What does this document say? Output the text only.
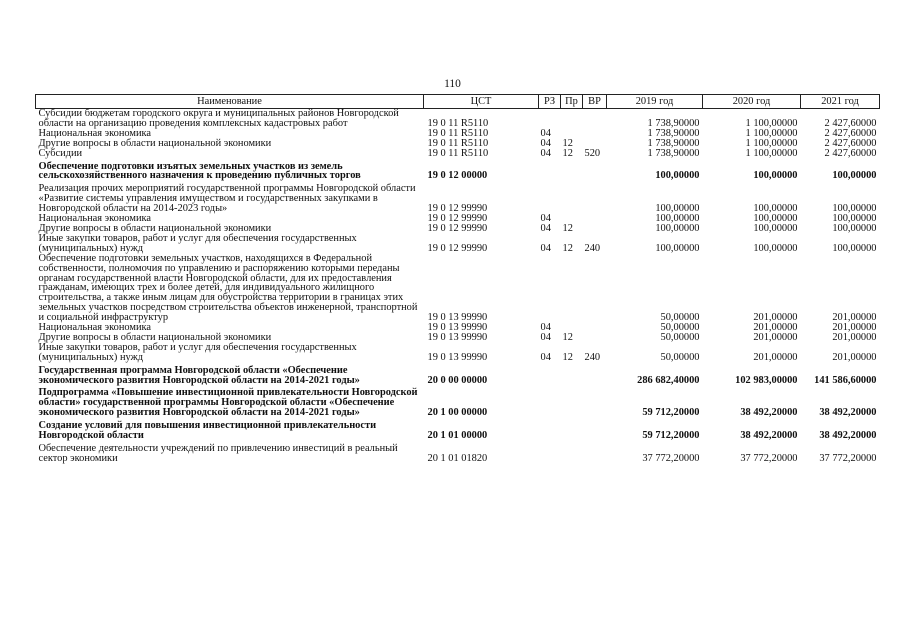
110
Наименование	ЦСТ	РЗ	Пр	ВР	2019 год	2020 год	2021 год
Субсидии бюджетам городского округа и муниципальных районов Новгородской области на организацию проведения комплексных кадастровых работ	19 0 11 R5110				1 738,90000	1 100,00000	2 427,60000
Национальная экономика	19 0 11 R5110	04			1 738,90000	1 100,00000	2 427,60000
Другие вопросы в области национальной экономики	19 0 11 R5110	04	12		1 738,90000	1 100,00000	2 427,60000
Субсидии	19 0 11 R5110	04	12	520	1 738,90000	1 100,00000	2 427,60000
Обеспечение подготовки изъятых земельных участков из земель сельскохозяйственного назначения к проведению публичных торгов	19 0 12 00000				100,00000	100,00000	100,00000
Реализация прочих мероприятий государственной программы Новгородской области «Развитие системы управления имуществом и государственных закупками в Новгородской области на 2014-2023 годы»	19 0 12 99990				100,00000	100,00000	100,00000
Национальная экономика	19 0 12 99990	04			100,00000	100,00000	100,00000
Другие вопросы в области национальной экономики	19 0 12 99990	04	12		100,00000	100,00000	100,00000
Иные закупки товаров, работ и услуг для обеспечения государственных (муниципальных) нужд	19 0 12 99990	04	12	240	100,00000	100,00000	100,00000
Обеспечение подготовки земельных участков, находящихся в Федеральной собственности, полномочия по управлению и распоряжению которыми переданы органам государственной власти Новгородской области, для их предоставления гражданам, имеющих трех и более детей, для индивидуального жилищного строительства, а также иным лицам для обустройства территории в границах этих земельных участков посредством строительства объектов инженерной, транспортной и социальной инфраструктур	19 0 13 99990				50,00000	201,00000	201,00000
Национальная экономика	19 0 13 99990	04			50,00000	201,00000	201,00000
Другие вопросы в области национальной экономики	19 0 13 99990	04	12		50,00000	201,00000	201,00000
Иные закупки товаров, работ и услуг для обеспечения государственных (муниципальных) нужд	19 0 13 99990	04	12	240	50,00000	201,00000	201,00000
Государственная программа Новгородской области «Обеспечение экономического развития Новгородской области на 2014-2021 годы»	20 0 00 00000				286 682,40000	102 983,00000	141 586,60000
Подпрограмма «Повышение инвестиционной привлекательности Новгородской области» государственной программы Новгородской области «Обеспечение экономического развития Новгородской области на 2014-2021 годы»	20 1 00 00000				59 712,20000	38 492,20000	38 492,20000
Создание условий для повышения инвестиционной привлекательности Новгородской области	20 1 01 00000				59 712,20000	38 492,20000	38 492,20000
Обеспечение деятельности учреждений по привлечению инвестиций в реальный сектор экономики	20 1 01 01820				37 772,20000	37 772,20000	37 772,20000
